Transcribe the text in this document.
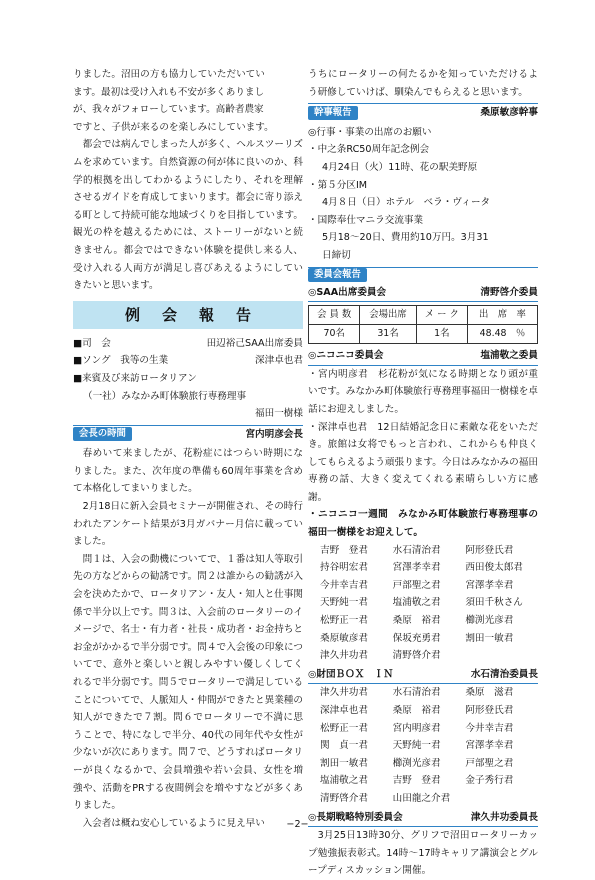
りました。沼田の方も協力していただいてい
ます。最初は受け入れも不安が多くありまし
が、我々がフォローしています。高齢者農家
ですと、子供が来るのを楽しみにしています。

都会では病んでしまった人が多く、ヘルスツーリズムを求めています。自然資源の何が体に良いのか、科学的根拠を出してわかるようにしたり、それを理解させるガイドを育成してまいります。都会に寄り添える町として持続可能な地域づくりを目指しています。観光の枠を越えるためには、ストーリーがないと続きません。都会ではできない体験を提供し来る人、受け入れる人両方が満足し喜びあえるようにしていきたいと思います。

例会報告
■司　会	田辺裕己SAA出席委員
■ソング　我等の生業	深津卓也君
■来賓及び来訪ロータリアン
（一社）みなかみ町体験旅行専務理事
福田一樹様
会長の時間	宮内明彦会長

春めいて来ましたが、花粉症にはつらい時期になりました。また、次年度の準備も60周年事業を含めて本格化してまいりました。

2月18日に新入会員セミナーが開催され、その時行われたアンケート結果が3月ガバナー月信に載っていました。

問１は、入会の動機についてで、１番は知人等取引先の方などからの勧誘です。問２は誰からの勧誘が入会を決めたかで、ロータリアン・友人・知人と仕事関係で半分以上です。問３は、入会前のロータリーのイメージで、名士・有力者・社長・成功者・お金持ちとお金がかかるで半分弱です。問４で入会後の印象についてで、意外と楽しいと親しみやすい優しくしてくれるで半分弱です。問５でロータリーで満足していることについてで、人脈知人・仲間ができたと異業種の知人ができたで７割。問６でロータリーで不満に思うことで、特になしで半分、40代の同年代や女性が少ないが次にあります。問７で、どうすればロータリーが良くなるかで、会員増強や若い会員、女性を増強や、活動をPRする夜間例会を増やすなどが多くありました。

入会者は概ね安心しているように見え早い

うちにロータリーの何たるかを知っていただけるよう研修していけば、馴染んでもらえると思います。

幹事報告	桑原敏彦幹事
◎行事・事業の出席のお願い
・中之条RC50周年記念例会
4月24日（火）11時、花の駅美野原
・第５分区IM
4月８日（日）ホテル　ベラ・ヴィータ
・国際奉仕マニラ交流事業
5月18～20日、費用約10万円。3月31
日締切
委員会報告
◎SAA出席委員会	清野啓介委員
会 員 数	会場出席	メ ー ク	出　席　率
70名	31名	1名	48.48　％
◎ニコニコ委員会	塩浦敬之委員

・宮内明彦君　杉花粉が気になる時期となり頭が重いです。みなかみ町体験旅行専務理事福田一樹様を卓話にお迎えしました。

・深津卓也君　12日結婚記念日に素敵な花をいただき。旅館は女将でもっと言われ、これからも仲良くしてもらえるよう頑張ります。今日はみなかみの福田専務の話、大きく変えてくれる素晴らしい方に感謝。

・ニコニコ一週間　みなかみ町体験旅行専務理事の福田一樹様をお迎えして。

吉野　登君	水石清治君	阿形登氏君
持谷明宏君	宮澤孝幸君	西田俊太郎君
今井幸吉君	戸部聖之君	宮澤孝幸君
天野純一君	塩浦敬之君	須田千秋さん
松野正一君	桑原　裕君	櫛渕光彦君
桑原敏彦君	保坂充勇君	割田一敏君
津久井功君	清野啓介君
◎財団ＢＯＸ　ＩＮ	水石清治委員長
津久井功君	水石清治君	桑原　滋君
深津卓也君	桑原　裕君	阿形登氏君
松野正一君	宮内明彦君	今井幸吉君
関　貞一君	天野純一君	宮澤孝幸君
割田一敏君	櫛渕光彦君	戸部聖之君
塩浦敬之君	吉野　登君	金子秀行君
清野啓介君	山田龍之介君
◎長期戦略特別委員会	津久井功委員長

3月25日13時30分、グリフで沼田ロータリーカップ勉強振表彰式。14時～17時キャリア講演会とグループディスカッション開催。

−2−
